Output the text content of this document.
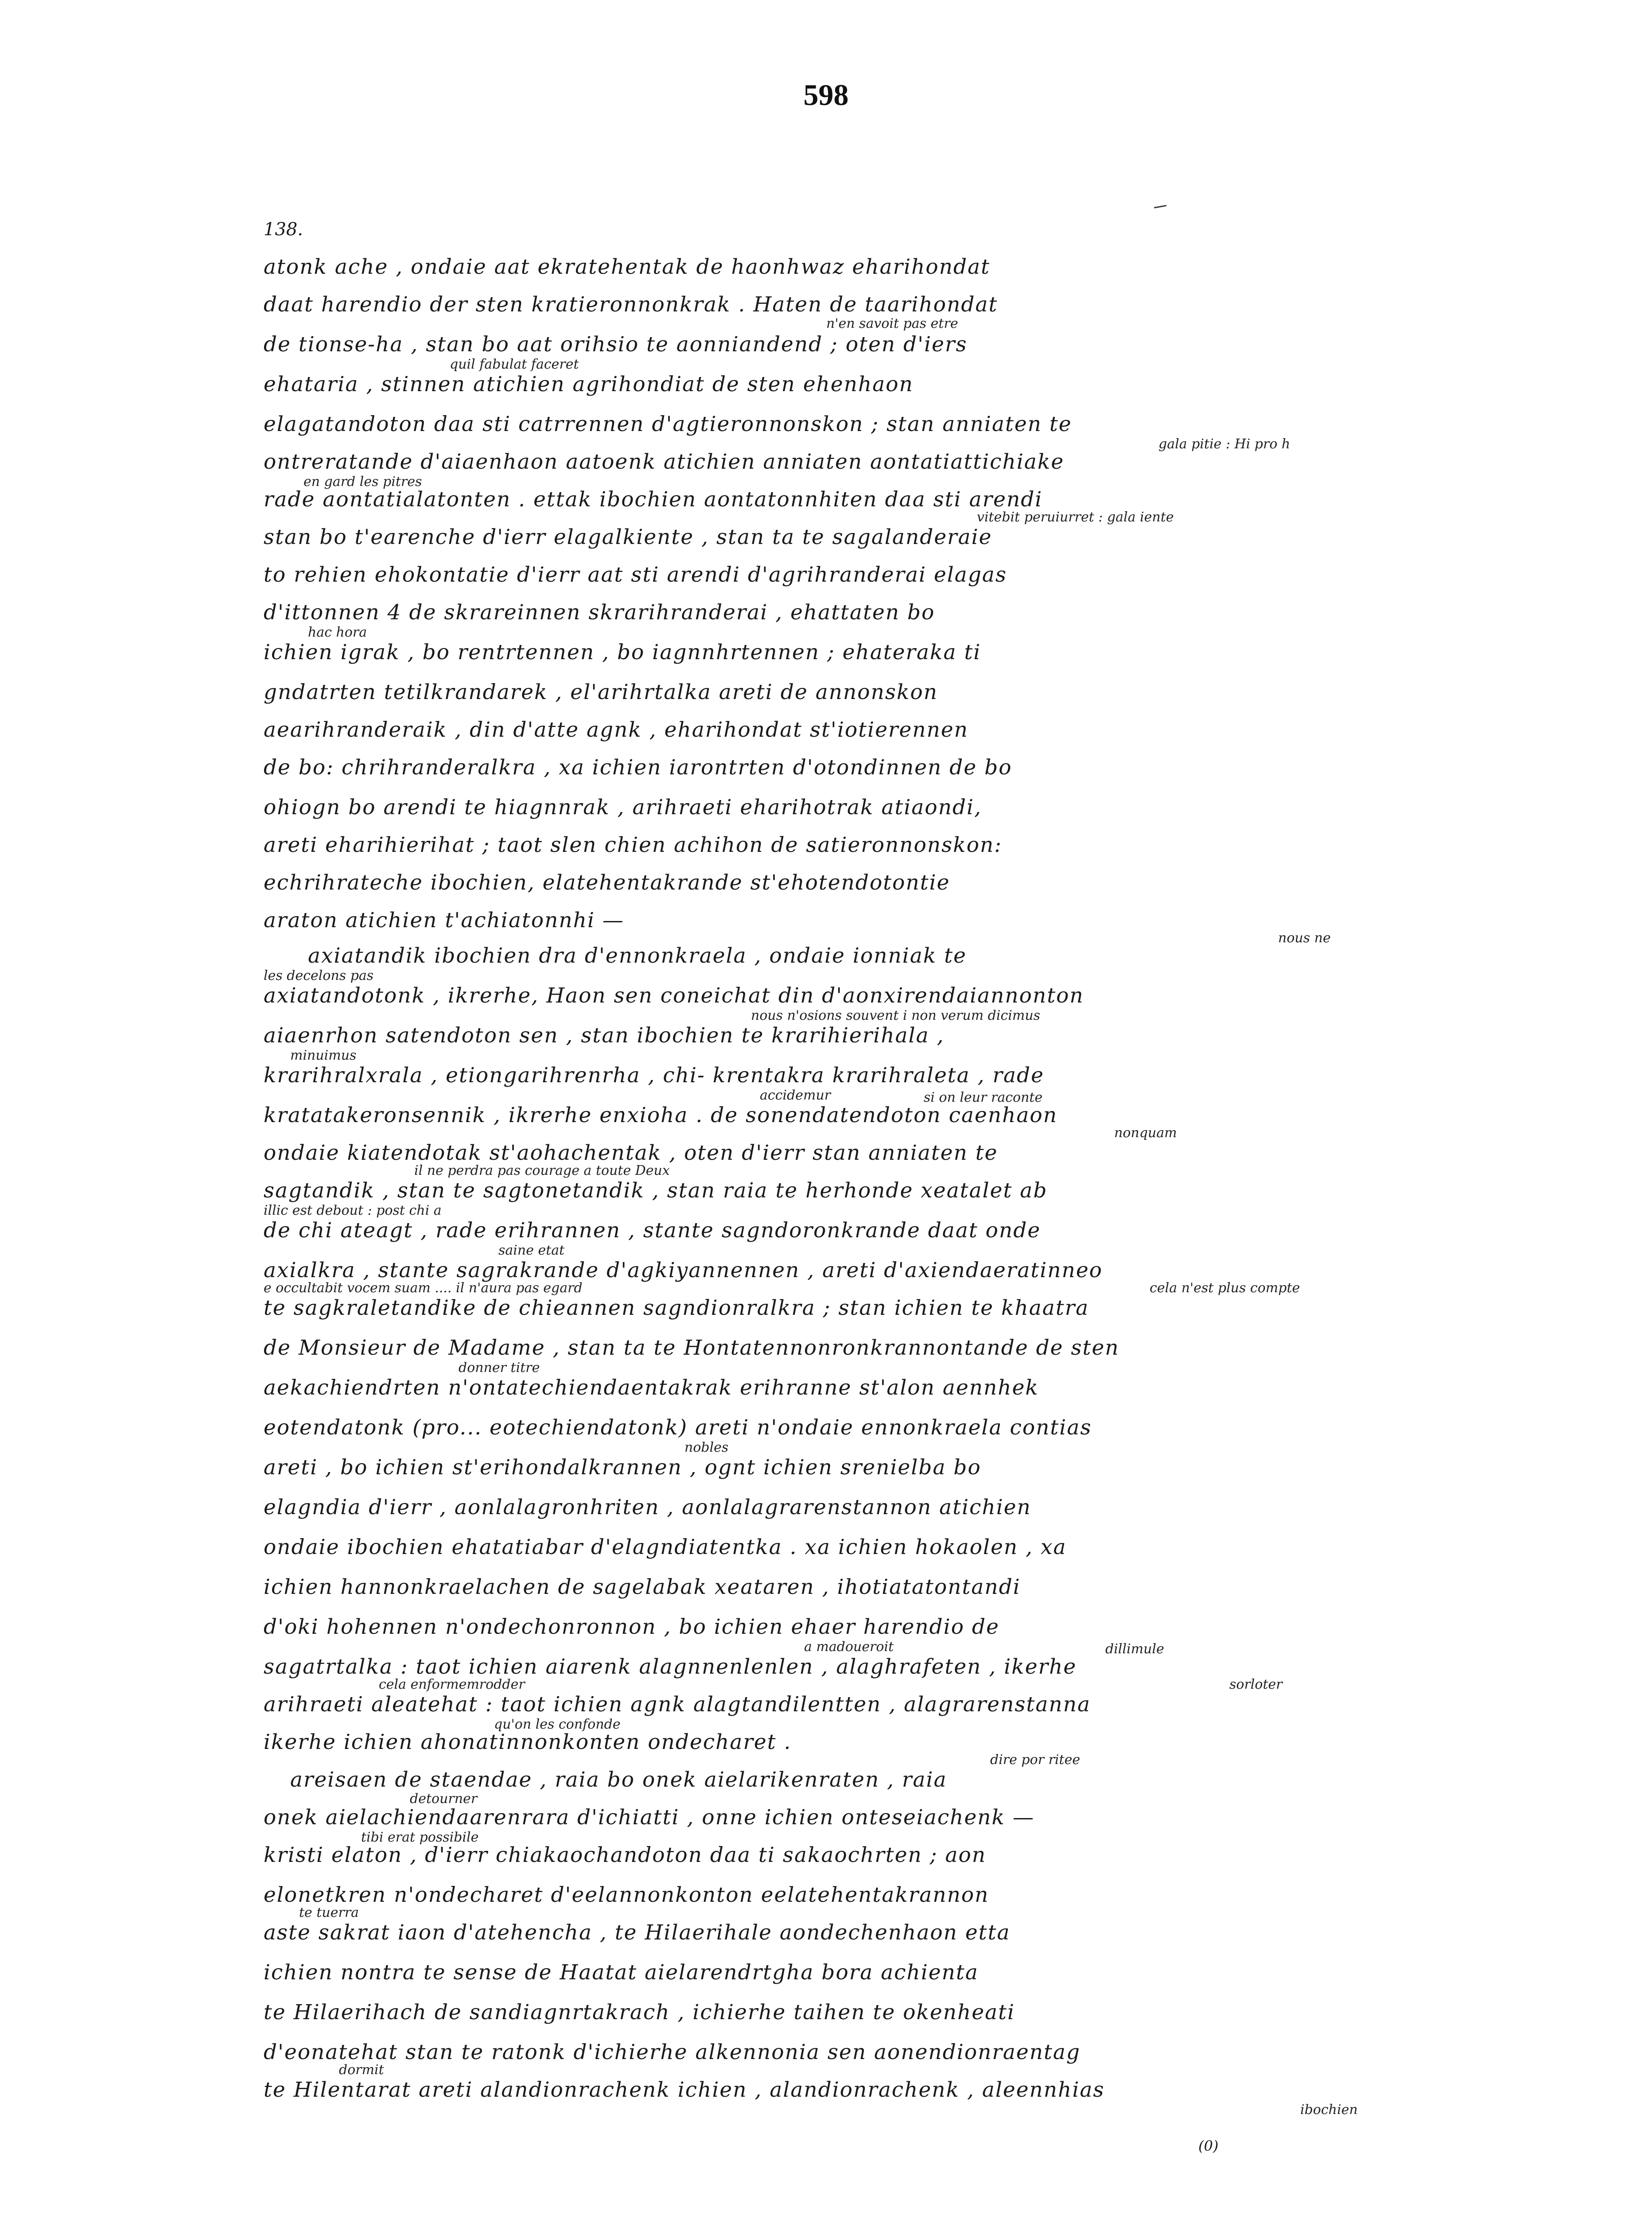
598
138.
atonk ache , ondaie aat ekratehentak de haonhwaz eharihondat
daat harendio der sten kratieronnonkrak . Haten de taarihondat
de tionse-ha , stan bo aat orihsio te aonniandend ; oten d'iers
ehataria , stinnen atichien agrihondiat de sten ehenhaon
elagatandoton daa sti catrrennen d'agtieronnonskon ; stan anniaten te
ontreratande d'aiaenhaon aatoenk atichien anniaten aontatiattichiake
rade aontatialatonten . ettak ibochien aontatonnhiten daa sti arendi
stan bo t'earenche d'ierr elagalkiente , stan ta te sagalanderaie
to rehien ehokontatie d'ierr aat sti arendi d'agrihranderai elagas
d'ittonnen 4 de skrareinnen skrarihranderai , ehattaten bo
ichien igrak , bo rentrtennen , bo iagnnhrtennen ; ehateraka ti
gndatrten tetilkrandarek , el'arihrtalka areti de annonskon
aearihranderaik , din d'atte agnk , eharihondat st'iotierennen
de bo: chrihranderalkra , xa ichien iarontrten d'otondinnen de bo
ohiogn bo arendi te hiagnnrak , arihraeti eharihotrak atiaondi,
areti eharihierihat ; taot slen chien achihon de satieronnonskon:
echrihrateche ibochien, elatehentakrande st'ehotendotontie
araton atichien t'achiatonnhi —
axiatandik ibochien dra d'ennonkraela , ondaie ionniak te
axiatandotonk , ikrerhe, Haon sen coneichat din d'aonxirendaiannonton
aiaenrhon satendoton sen , stan ibochien te krarihierihala ,
krarihralxrala , etiongarihrenrha , chi- krentakra krarihraleta , rade
kratatakeronsennik , ikrerhe enxioha . de sonendatendoton caenhaon
ondaie kiatendotak st'aohachentak , oten d'ierr stan anniaten te
sagtandik , stan te sagtonetandik , stan raia te herhonde xeatalet ab
de chi ateagt , rade erihrannen , stante sagndoronkrande daat onde
axialkra , stante sagrakrande d'agkiyannennen , areti d'axiendaeratinneo
te sagkraletandike de chieannen sagndionralkra ; stan ichien te khaatra
de Monsieur de Madame , stan ta te Hontatennonronkrannontande de sten
aekachiendrten n'ontatechiendaentakrak erihranne st'alon aennhek
eotendatonk (pro... eotechiendatonk) areti n'ondaie ennonkraela contias
areti , bo ichien st'erihondalkrannen , ognt ichien srenielba bo
elagndia d'ierr , aonlalagronhriten , aonlalagrarenstannon atichien
ondaie ibochien ehatatiabar d'elagndiatentka . xa ichien hokaolen , xa
ichien hannonkraelachen de sagelabak xeataren , ihotiatatontandi
d'oki hohennen n'ondechonronnon , bo ichien ehaer harendio de
sagatrtalka : taot ichien aiarenk alagnnenlenlen , alaghrafeten , ikerhe
arihraeti aleatehat : taot ichien agnk alagtandilentten , alagrarenstanna
ikerhe ichien ahonatinnonkonten ondecharet .
areisaen de staendae , raia bo onek aielarikenraten , raia
onek aielachiendaarenrara d'ichiatti , onne ichien onteseiachenk —
kristi elaton , d'ierr chiakaochandoton daa ti sakaochrten ; aon
elonetkren n'ondecharet d'eelannonkonton eelatehentakrannon
aste sakrat iaon d'atehencha , te Hilaerihale aondechenhaon etta
ichien nontra te sense de Haatat aielarendrtgha bora achienta
te Hilaerihach de sandiagnrtakrach , ichierhe taihen te okenheati
d'eonatehat stan te ratonk d'ichierhe alkennonia sen aonendionraentag
te Hilentarat areti alandionrachenk ichien , alandionrachenk , aleennhias
n'en savoit pas etre
quil fabulat faceret
gala pitie : Hi pro h
en gard les pitres
vitebit peruiurret : gala iente
hac hora
nous ne
les decelons pas
nous n'osions souvent i non verum dicimus
minuimus
accidemur	si on leur raconte
nonquam
il ne perdra pas courage a toute Deux
illic est debout : post chi a
saine etat
e occultabit vocem suam .... il n'aura pas egard	cela n'est plus compte
donner titre
nobles
a madoueroit	dillimule
cela enformemrodder	sorloter
qu'on les confonde
dire por ritee
detourner
tibi erat possibile
te tuerra
dormit
ibochien
(0)
